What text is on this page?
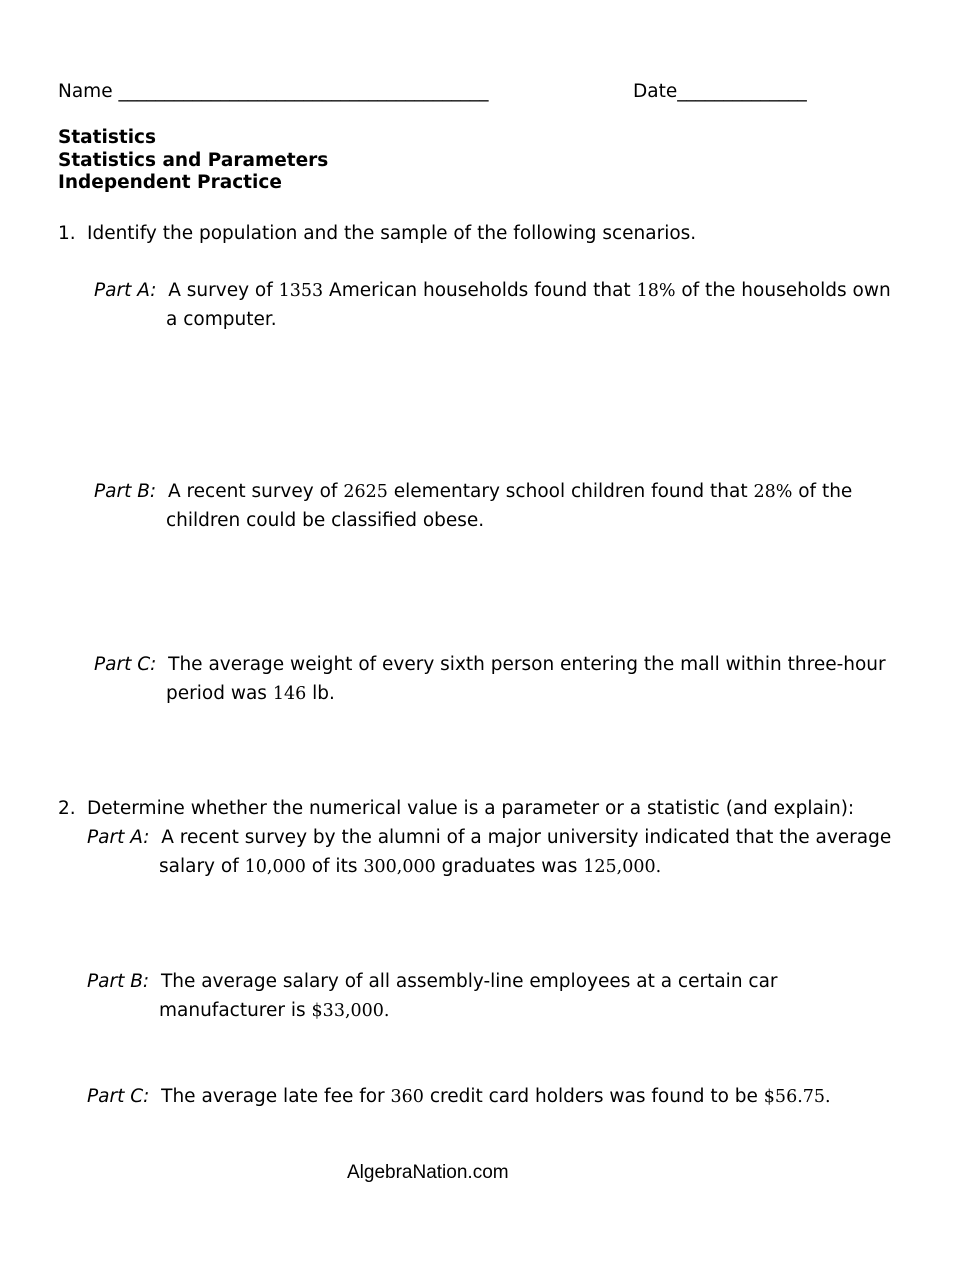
Name ________________________________________	Date______________
Statistics
Statistics and Parameters
Independent Practice
1. Identify the population and the sample of the following scenarios.
Part A: A survey of 1353 American households found that 18% of the households own
a computer.
Part B: A recent survey of 2625 elementary school children found that 28% of the
children could be classified obese.
Part C: The average weight of every sixth person entering the mall within three-hour
period was 146 lb.
2. Determine whether the numerical value is a parameter or a statistic (and explain):
Part A: A recent survey by the alumni of a major university indicated that the average
salary of 10,000 of its 300,000 graduates was 125,000.
Part B: The average salary of all assembly-line employees at a certain car
manufacturer is $33,000.
Part C: The average late fee for 360 credit card holders was found to be $56.75.
AlgebraNation.com
